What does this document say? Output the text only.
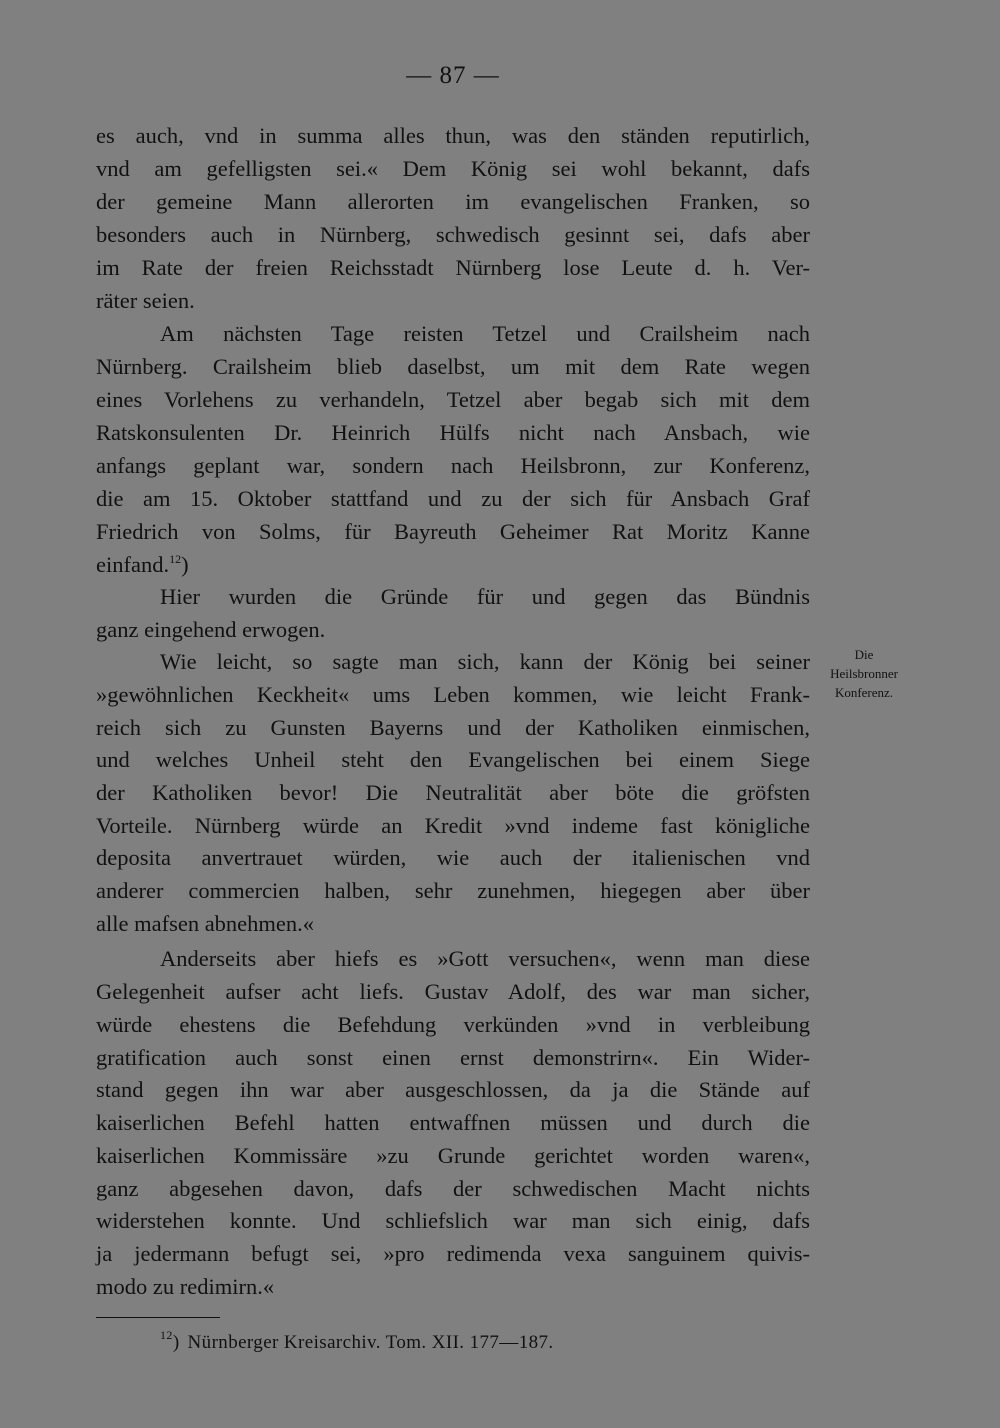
— 87 —
es auch, vnd in summa alles thun, was den ständen reputirlich,
vnd am gefelligsten sei.« Dem König sei wohl bekannt, dafs
der gemeine Mann allerorten im evangelischen Franken, so
besonders auch in Nürnberg, schwedisch gesinnt sei, dafs aber
im Rate der freien Reichsstadt Nürnberg lose Leute d. h. Ver-
räter seien.
Am nächsten Tage reisten Tetzel und Crailsheim nach
Nürnberg. Crailsheim blieb daselbst, um mit dem Rate wegen
eines Vorlehens zu verhandeln, Tetzel aber begab sich mit dem
Ratskonsulenten Dr. Heinrich Hülfs nicht nach Ansbach, wie
anfangs geplant war, sondern nach Heilsbronn, zur Konferenz,
die am 15. Oktober stattfand und zu der sich für Ansbach Graf
Friedrich von Solms, für Bayreuth Geheimer Rat Moritz Kanne
einfand.$^{12}$)
Hier wurden die Gründe für und gegen das Bündnis
ganz eingehend erwogen.
Wie leicht, so sagte man sich, kann der König bei seiner
»gewöhnlichen Keckheit« ums Leben kommen, wie leicht Frank-
reich sich zu Gunsten Bayerns und der Katholiken einmischen,
und welches Unheil steht den Evangelischen bei einem Siege
der Katholiken bevor! Die Neutralität aber böte die gröfsten
Vorteile. Nürnberg würde an Kredit »vnd indeme fast königliche
deposita anvertrauet würden, wie auch der italienischen vnd
anderer commercien halben, sehr zunehmen, hiegegen aber über
alle mafsen abnehmen.«
Anderseits aber hiefs es »Gott versuchen«, wenn man diese
Gelegenheit aufser acht liefs. Gustav Adolf, des war man sicher,
würde ehestens die Befehdung verkünden »vnd in verbleibung
gratification auch sonst einen ernst demonstrirn«. Ein Wider-
stand gegen ihn war aber ausgeschlossen, da ja die Stände auf
kaiserlichen Befehl hatten entwaffnen müssen und durch die
kaiserlichen Kommissäre »zu Grunde gerichtet worden waren«,
ganz abgesehen davon, dafs der schwedischen Macht nichts
widerstehen konnte. Und schliefslich war man sich einig, dafs
ja jedermann befugt sei, »pro redimenda vexa sanguinem quivis-
modo zu redimirn.«
Die
Heilsbronner
Konferenz.
$^{12}$) Nürnberger Kreisarchiv. Tom. XII. 177—187.
